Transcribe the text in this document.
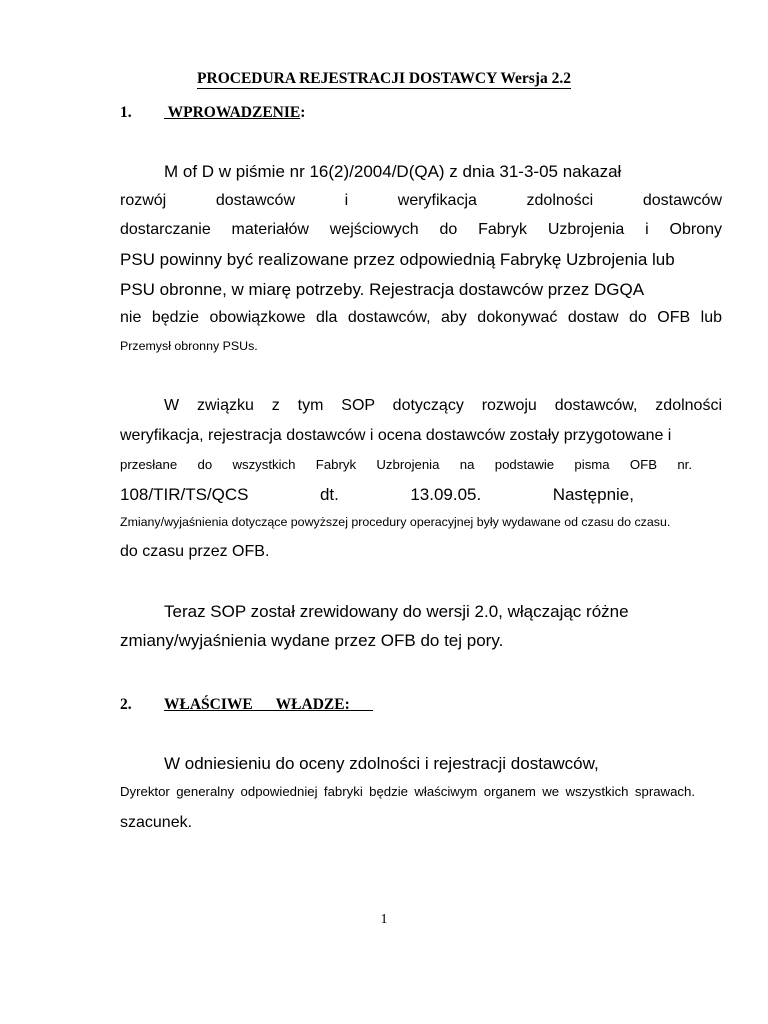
PROCEDURA REJESTRACJI DOSTAWCY Wersja 2.2
1. WPROWADZENIE:
M of D w piśmie nr 16(2)/2004/D(QA) z dnia 31-3-05 nakazał
rozwój dostawców i weryfikacja zdolności dostawców
dostarczanie materiałów wejściowych do Fabryk Uzbrojenia i Obrony
PSU powinny być realizowane przez odpowiednią Fabrykę Uzbrojenia lub
PSU obronne, w miarę potrzeby. Rejestracja dostawców przez DGQA
nie będzie obowiązkowe dla dostawców, aby dokonywać dostaw do OFB lub
Przemysł obronny PSUs.
W związku z tym SOP dotyczący rozwoju dostawców, zdolności
weryfikacja, rejestracja dostawców i ocena dostawców zostały przygotowane i
przesłane do wszystkich Fabryk Uzbrojenia na podstawie pisma OFB nr.
108/TIR/TS/QCS	dt.	13.09.05.	Następnie,
Zmiany/wyjaśnienia dotyczące powyższej procedury operacyjnej były wydawane od czasu do czasu.
do czasu przez OFB.
Teraz SOP został zrewidowany do wersji 2.0, włączając różne
zmiany/wyjaśnienia wydane przez OFB do tej pory.
2. WŁAŚCIWE      WŁADZE:
W odniesieniu do oceny zdolności i rejestracji dostawców,
Dyrektor generalny odpowiedniej fabryki będzie właściwym organem we wszystkich sprawach.
szacunek.
1
